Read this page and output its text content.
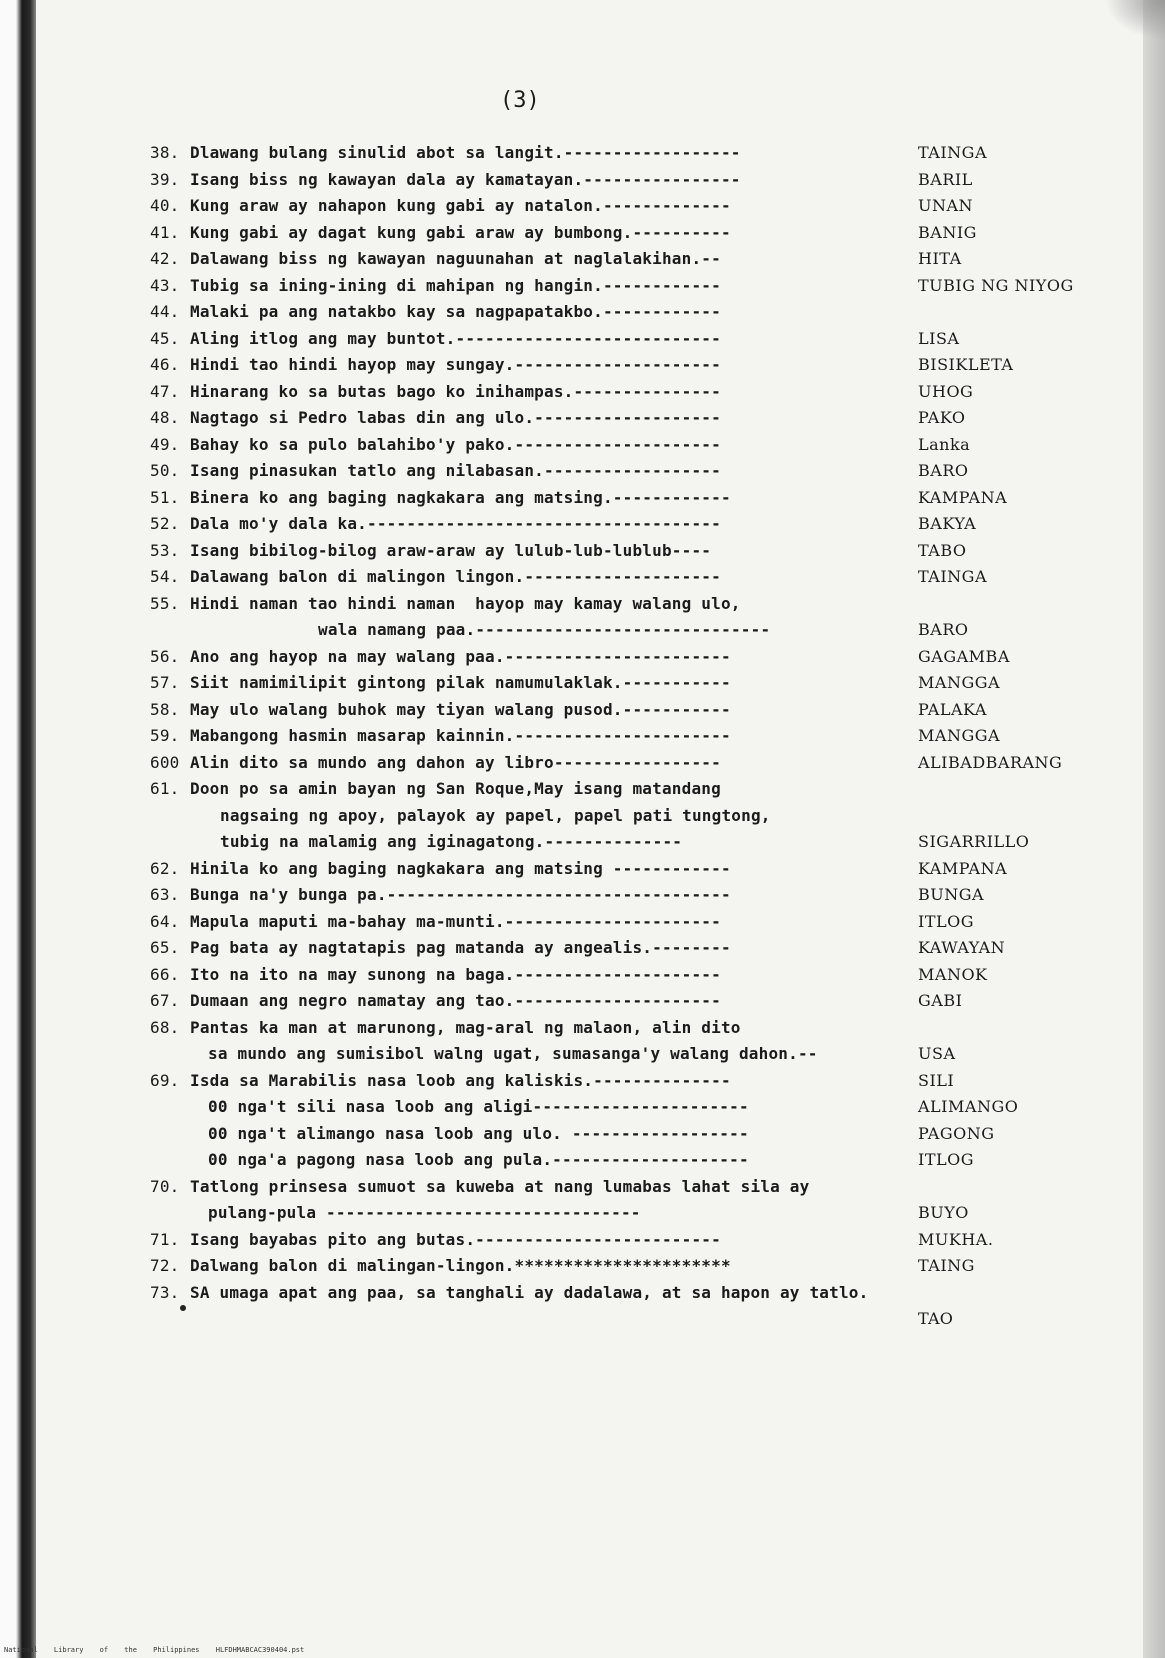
(3)
38. Dlawang bulang sinulid abot sa langit.------------------	TAINGA
39. Isang biss ng kawayan dala ay kamatayan.----------------	BARIL
40. Kung araw ay nahapon kung gabi ay natalon.-------------	UNAN
41. Kung gabi ay dagat kung gabi araw ay bumbong.----------	BANIG
42. Dalawang biss ng kawayan naguunahan at naglalakihan.--	HITA
43. Tubig sa ining-ining di mahipan ng hangin.------------	TUBIG NG NIYOG
44. Malaki pa ang natakbo kay sa nagpapatakbo.------------
45. Aling itlog ang may buntot.---------------------------	LISA
46. Hindi tao hindi hayop may sungay.---------------------	BISIKLETA
47. Hinarang ko sa butas bago ko inihampas.---------------	UHOG
48. Nagtago si Pedro labas din ang ulo.-------------------	PAKO
49. Bahay ko sa pulo balahibo'y pako.---------------------	Lanka
50. Isang pinasukan tatlo ang nilabasan.------------------	BARO
51. Binera ko ang baging nagkakara ang matsing.------------	KAMPANA
52. Dala mo'y dala ka.------------------------------------	BAKYA
53. Isang bibilog-bilog araw-araw ay lulub-lub-lublub----	TABO
54. Dalawang balon di malingon lingon.--------------------	TAINGA
55. Hindi naman tao hindi naman  hayop may kamay walang ulo,
wala namang paa.------------------------------	BARO
56. Ano ang hayop na may walang paa.-----------------------	GAGAMBA
57. Siit namimilipit gintong pilak namumulaklak.-----------	MANGGA
58. May ulo walang buhok may tiyan walang pusod.-----------	PALAKA
59. Mabangong hasmin masarap kainnin.----------------------	MANGGA
600 Alin dito sa mundo ang dahon ay libro-----------------	ALIBADBARANG
61. Doon po sa amin bayan ng San Roque,May isang matandang
nagsaing ng apoy, palayok ay papel, papel pati tungtong,
tubig na malamig ang iginagatong.--------------	SIGARRILLO
62. Hinila ko ang baging nagkakara ang matsing ------------	KAMPANA
63. Bunga na'y bunga pa.-----------------------------------	BUNGA
64. Mapula maputi ma-bahay ma-munti.----------------------	ITLOG
65. Pag bata ay nagtatapis pag matanda ay angealis.--------	KAWAYAN
66. Ito na ito na may sunong na baga.---------------------	MANOK
67. Dumaan ang negro namatay ang tao.---------------------	GABI
68. Pantas ka man at marunong, mag-aral ng malaon, alin dito
sa mundo ang sumisibol walng ugat, sumasanga'y walang dahon.--	USA
69. Isda sa Marabilis nasa loob ang kaliskis.--------------	SILI
00 nga't sili nasa loob ang aligi----------------------	ALIMANGO
00 nga't alimango nasa loob ang ulo. ------------------	PAGONG
00 nga'a pagong nasa loob ang pula.--------------------	ITLOG
70. Tatlong prinsesa sumuot sa kuweba at nang lumabas lahat sila ay
pulang-pula --------------------------------	BUYO
71. Isang bayabas pito ang butas.-------------------------	MUKHA.
72. Dalwang balon di malingan-lingon.**********************	TAING
73. SA umaga apat ang paa, sa tanghali ay dadalawa, at sa hapon ay tatlo.
TAO
National Library of the Philippines HLFDHMABCAC390404.pst
